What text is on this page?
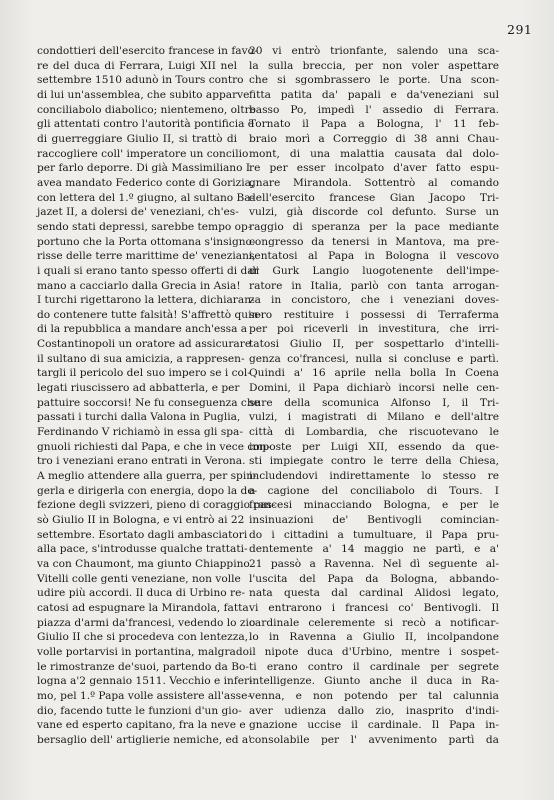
291
condottieri dell'esercito francese in favo-
re del duca di Ferrara, Luigi XII nel
settembre 1510 adunò in Tours contro
di lui un'assemblea, che subito apparve
conciliabolo diabolico; nientemeno, oltre
gli attentati contro l'autorità pontificia e
di guerreggiare Giulio II, si trattò di
raccogliere coll' imperatore un concilio
per farlo deporre. Di già Massimiliano I
avea mandato Federico conte di Gorizia,
con lettera del 1.º giugno, al sultano Ba-
jazet II, a dolersi de' veneziani, ch'es-
sendo stati depressi, sarebbe tempo op-
portuno che la Porta ottomana s'insigno-
risse delle terre marittime de' veneziani,
i quali si erano tanto spesso offerti di dar
mano a cacciarlo dalla Grecia in Asia!
I turchi rigettarono la lettera, dichiaran-
do contenere tutte falsità! S'affrettò quin-
di la repubblica a mandare anch'essa a
Costantinopoli un oratore ad assicurare
il sultano di sua amicizia, a rappresen-
targli il pericolo del suo impero se i col-
legati riuscissero ad abbatterla, e per
pattuire soccorsi! Ne fu conseguenza che
passati i turchi dalla Valona in Puglia,
Ferdinando V richiamò in essa gli spa-
gnuoli richiesti dal Papa, e che in vece con-
tro i veneziani erano entrati in Verona.
A meglio attendere alla guerra, per spin-
gerla e dirigerla con energia, dopo la de-
fezione degli svizzeri, pieno di coraggio pas-
sò Giulio II in Bologna, e vi entrò ai 22
settembre. Esortato dagli ambasciatori
alla pace, s'introdusse qualche trattati-
va con Chaumont, ma giunto Chiappino
Vitelli colle genti veneziane, non volle
udire più accordi. Il duca di Urbino re-
catosi ad espugnare la Mirandola, fatta
piazza d'armi da'francesi, vedendo lo zio
Giulio II che si procedeva con lentezza,
volle portarvisi in portantina, malgrado
le rimostranze de'suoi, partendo da Bo-
logna a'2 gennaio 1511. Vecchio e infer-
mo, pel 1.º Papa volle assistere all'asse-
dio, facendo tutte le funzioni d'un gio-
vane ed esperto capitano, fra la neve e
bersaglio dell' artiglierie nemiche, ed a'
20 vi entrò trionfante, salendo una sca-
la sulla breccia, per non voler aspettare
che si sgombrassero le porte. Una scon-
fitta patita da' papali e da'veneziani sul
basso Po, impedì l' assedio di Ferrara.
Tornato il Papa a Bologna, l' 11 feb-
braio morì a Correggio di 38 anni Chau-
mont, di una malattia causata dal dolo-
re per esser incolpato d'aver fatto espu-
gnare Mirandola. Sottentrò al comando
dell'esercito francese Gian Jacopo Tri-
vulzi, già discorde col defunto. Surse un
raggio di speranza per la pace mediante
congresso da tenersi in Mantova, ma pre-
sentatosi al Papa in Bologna il vescovo
di Gurk Langio luogotenente dell'impe-
ratore in Italia, parlò con tanta arrogan-
za in concistoro, che i veneziani doves-
sero restituire i possessi di Terraferma
per poi riceverli in investitura, che irri-
tatosi Giulio II, per sospettarlo d'intelli-
genza co'francesi, nulla si concluse e partì.
Quindi a' 16 aprile nella bolla In Coena
Domini, il Papa dichiarò incorsi nelle cen-
sure della scomunica Alfonso I, il Tri-
vulzi, i magistrati di Milano e dell'altre
città di Lombardia, che riscuotevano le
imposte per Luigi XII, essendo da que-
sti impiegate contro le terre della Chiesa,
includendovi indirettamente lo stesso re
a cagione del conciliabolo di Tours. I
francesi minacciando Bologna, e per le
insinuazioni de' Bentivogli comincian-
do i cittadini a tumultuare, il Papa pru-
dentemente a' 14 maggio ne partì, e a'
21 passò a Ravenna. Nel dì seguente al-
l'uscita del Papa da Bologna, abbando-
nata questa dal cardinal Alidosi legato,
vi entrarono i francesi co' Bentivogli. Il
cardinale celeremente si recò a notificar-
lo in Ravenna a Giulio II, incolpandone
il nipote duca d'Urbino, mentre i sospet-
ti erano contro il cardinale per segrete
intelligenze. Giunto anche il duca in Ra-
venna, e non potendo per tal calunnia
aver udienza dallo zio, inasprito d'indi-
gnazione uccise il cardinale. Il Papa in-
consolabile per l' avvenimento partì da
